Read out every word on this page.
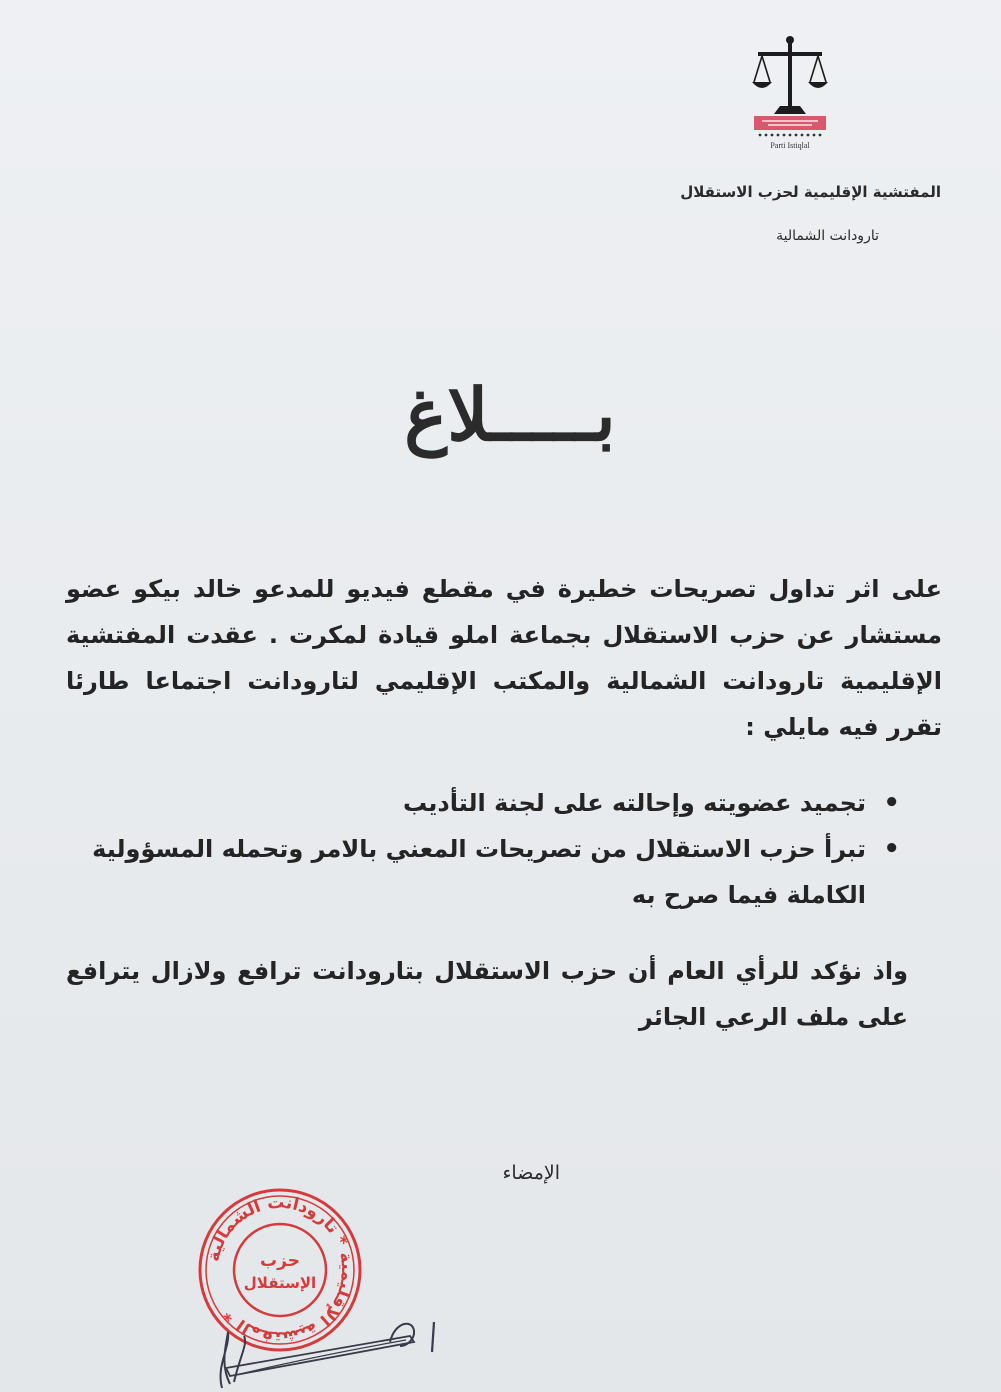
Parti Istiqlal

المفتشية الإقليمية لحزب الاستقلال

تارودانت الشمالية

بـــــلاغ

على اثر تداول تصريحات خطيرة في مقطع فيديو للمدعو خالد بيكو عضو مستشار عن حزب الاستقلال بجماعة املو قيادة لمكرت . عقدت المفتشية الإقليمية تارودانت الشمالية والمكتب الإقليمي لتارودانت اجتماعا طارئا تقرر فيه مايلي :

• تجميد عضويته وإحالته على لجنة التأديب
• تبرأ حزب الاستقلال من تصريحات المعني بالامر وتحمله المسؤولية الكاملة فيما صرح به

واذ نؤكد للرأي العام أن حزب الاستقلال بتارودانت ترافع ولازال يترافع على ملف الرعي الجائر

الإمضاء

المفتشية الإقليمية * تارودانت الشمالية *
حزب
الإستقلال
